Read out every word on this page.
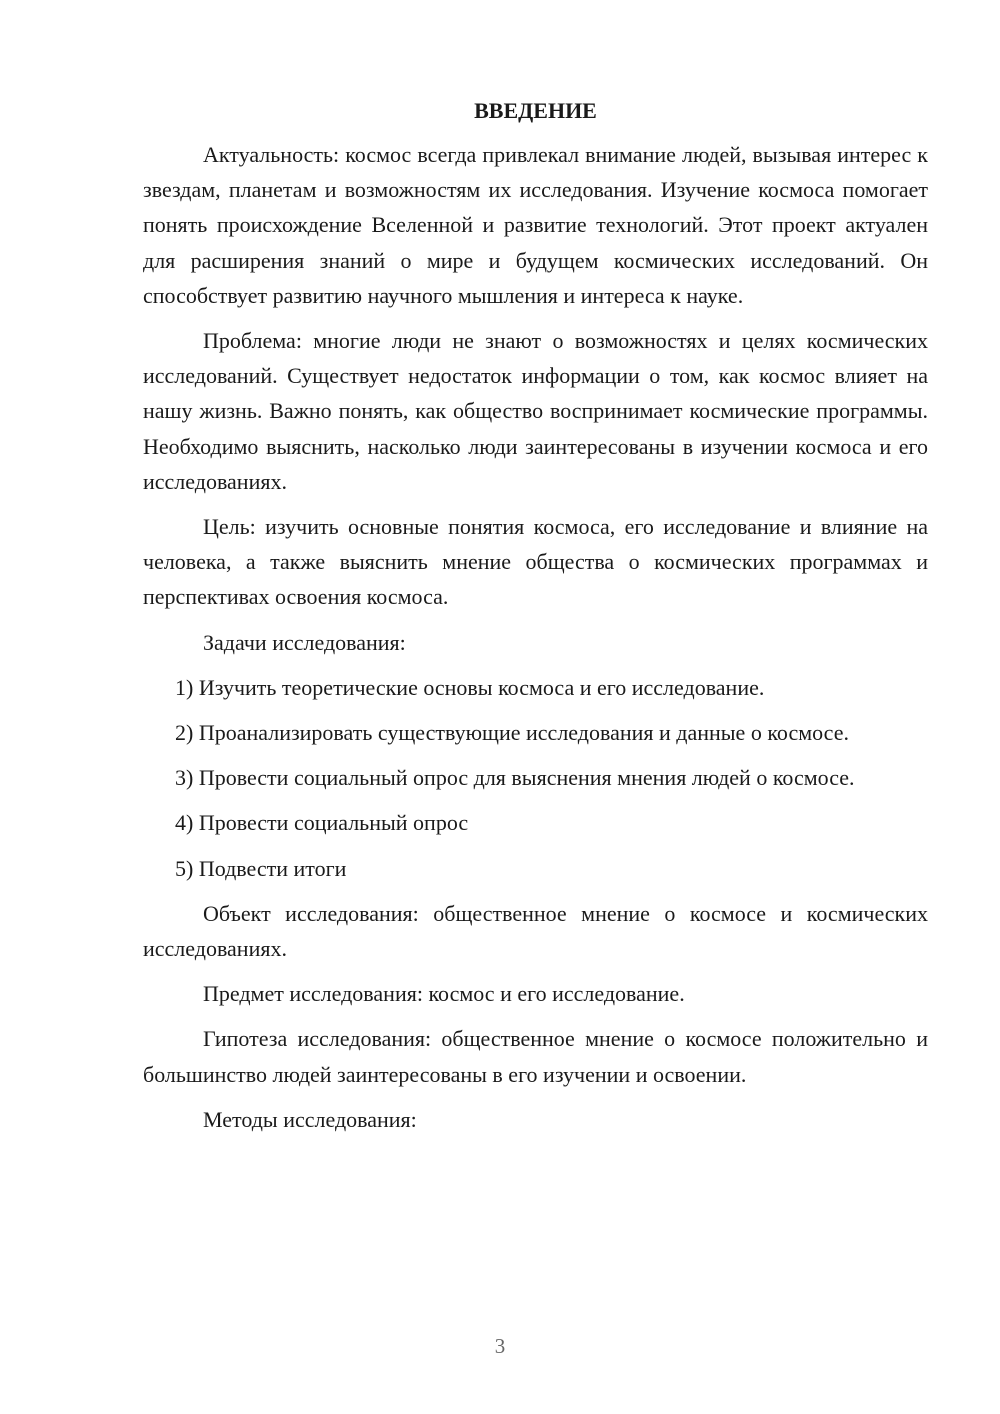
ВВЕДЕНИЕ

Актуальность: космос всегда привлекал внимание людей, вызывая интерес к звездам, планетам и возможностям их исследования. Изучение космоса помогает понять происхождение Вселенной и развитие технологий. Этот проект актуален для расширения знаний о мире и будущем космических исследований. Он способствует развитию научного мышления и интереса к науке.

Проблема: многие люди не знают о возможностях и целях космических исследований. Существует недостаток информации о том, как космос влияет на нашу жизнь. Важно понять, как общество воспринимает космические программы. Необходимо выяснить, насколько люди заинтересованы в изучении космоса и его исследованиях.

Цель: изучить основные понятия космоса, его исследование и влияние на человека, а также выяснить мнение общества о космических программах и перспективах освоения космоса.

Задачи исследования:

1) Изучить теоретические основы космоса и его исследование.

2) Проанализировать существующие исследования и данные о космосе.

3) Провести социальный опрос для выяснения мнения людей о космосе.

4) Провести социальный опрос

5) Подвести итоги

Объект исследования: общественное мнение о космосе и космических исследованиях.

Предмет исследования: космос и его исследование.

Гипотеза исследования: общественное мнение о космосе положительно и большинство людей заинтересованы в его изучении и освоении.

Методы исследования:

3
